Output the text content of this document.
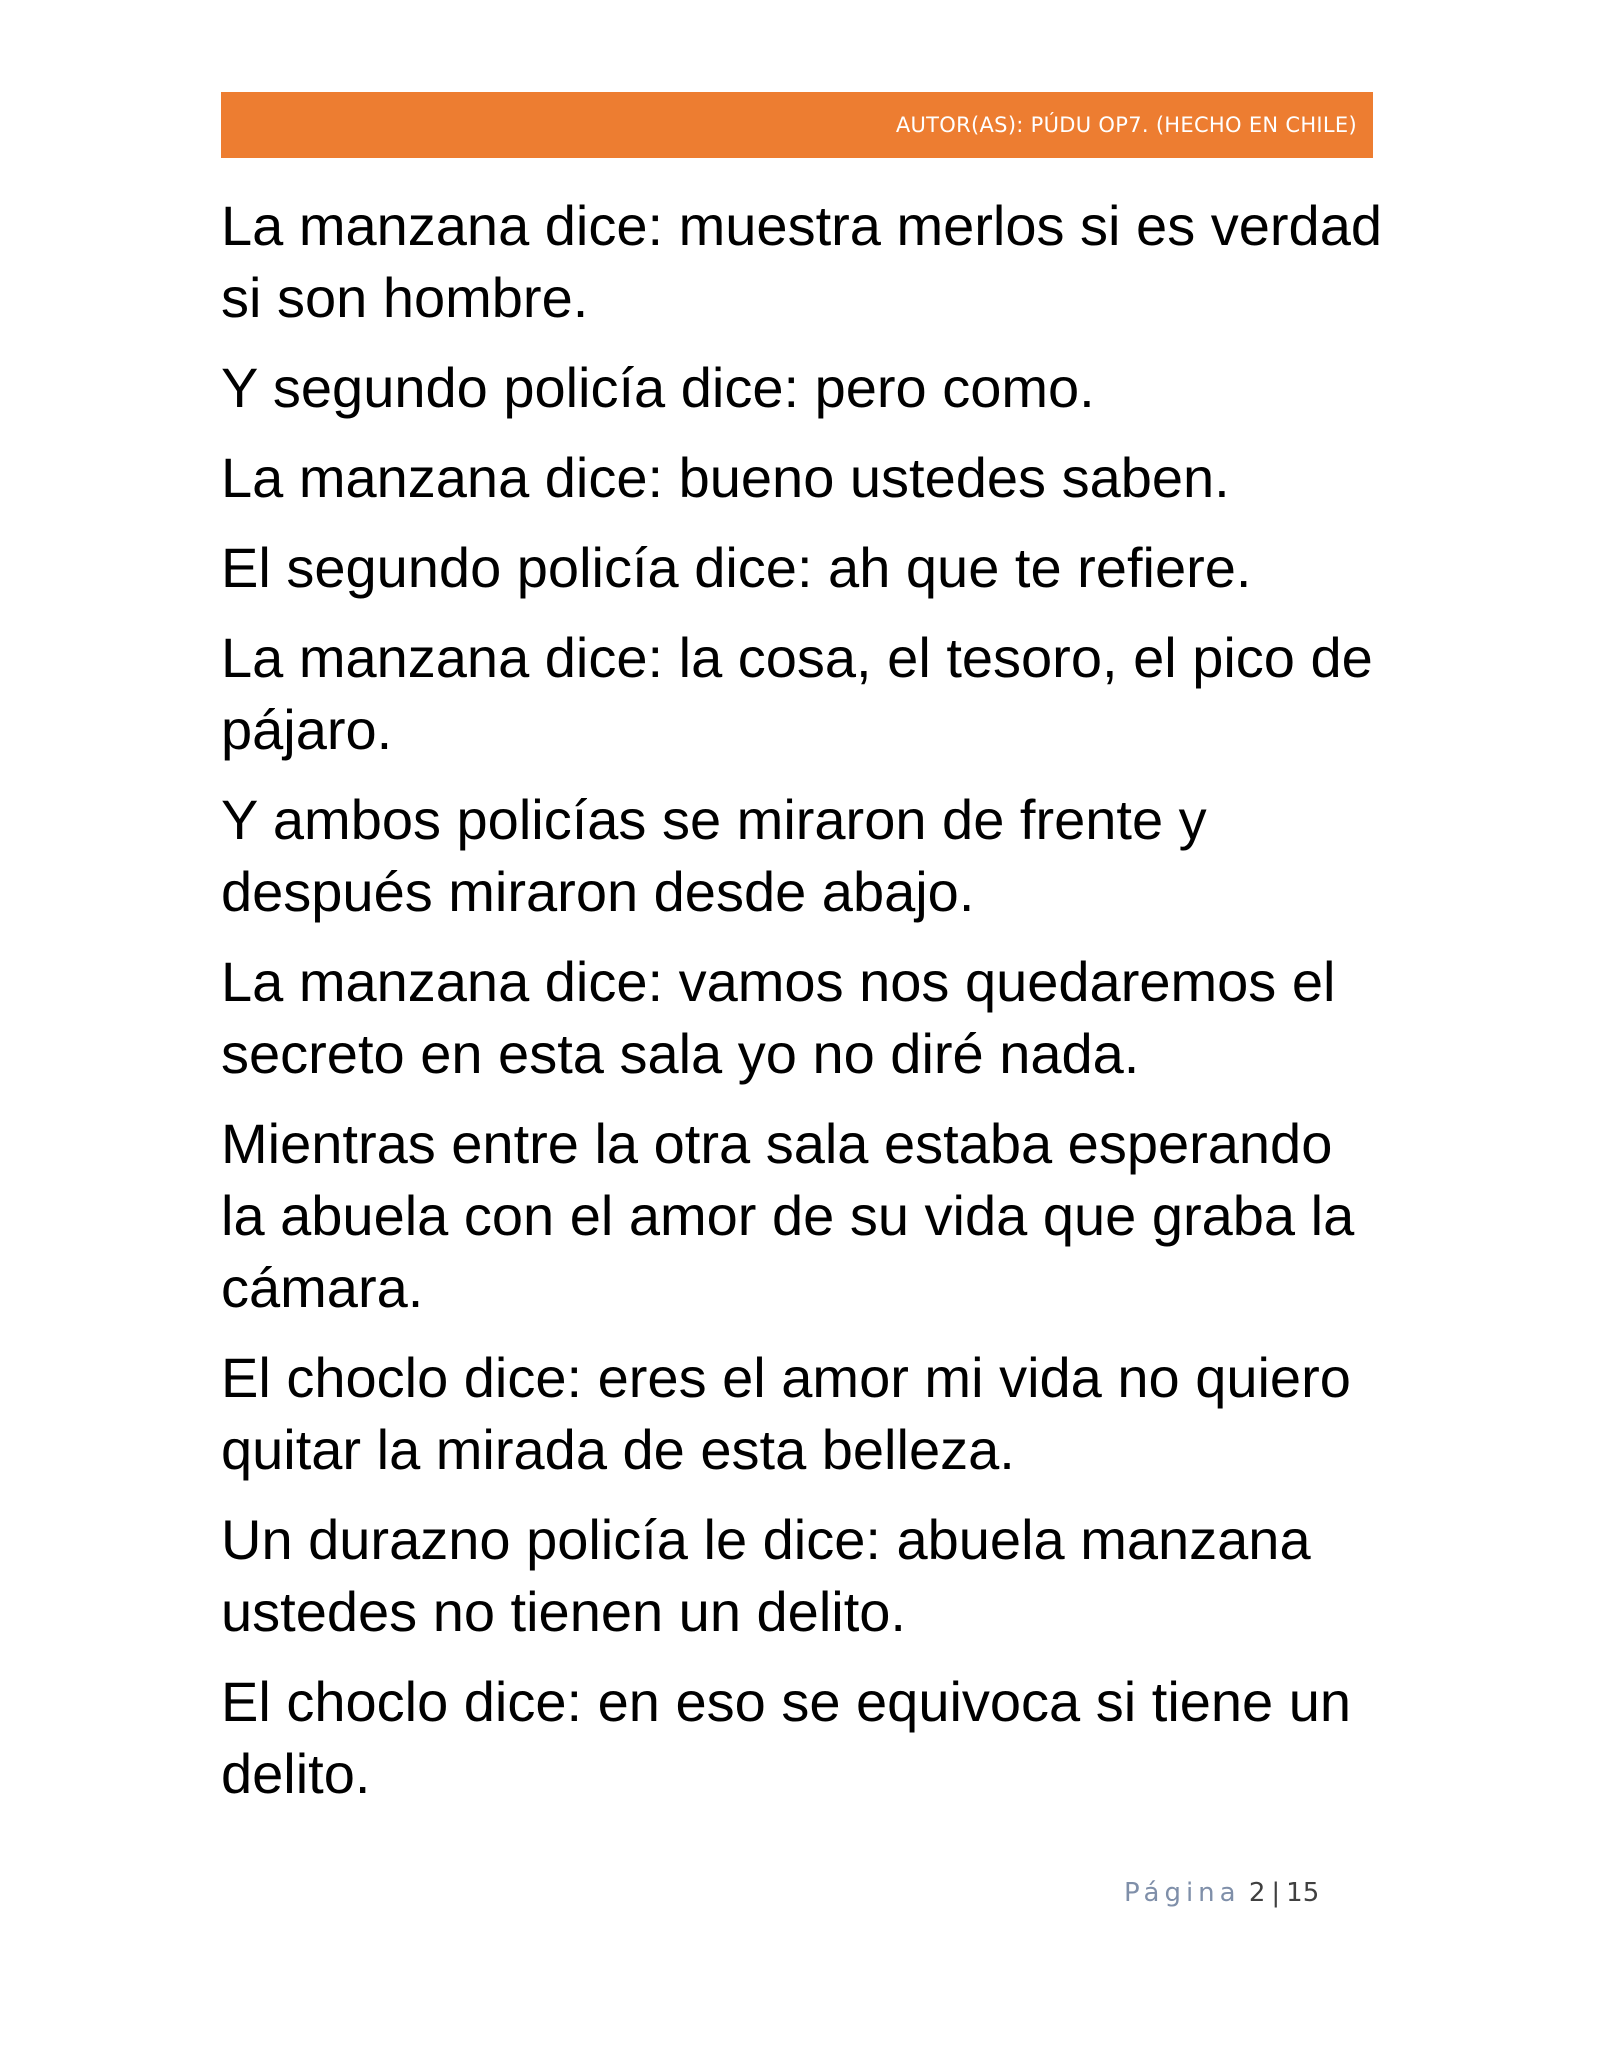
AUTOR(AS): PÚDU OP7. (HECHO EN CHILE)

La manzana dice: muestra merlos si es verdad si son hombre.

Y segundo policía dice: pero como.

La manzana dice: bueno ustedes saben.

El segundo policía dice: ah que te refiere.

La manzana dice: la cosa, el tesoro, el pico de pájaro.

Y ambos policías se miraron de frente y después miraron desde abajo.

La manzana dice: vamos nos quedaremos el secreto en esta sala yo no diré nada.

Mientras entre la otra sala estaba esperando la abuela con el amor de su vida que graba la cámara.

El choclo dice: eres el amor mi vida no quiero quitar la mirada de esta belleza.

Un durazno policía le dice: abuela manzana ustedes no tienen un delito.

El choclo dice: en eso se equivoca si tiene un delito.

Página 2 | 15
